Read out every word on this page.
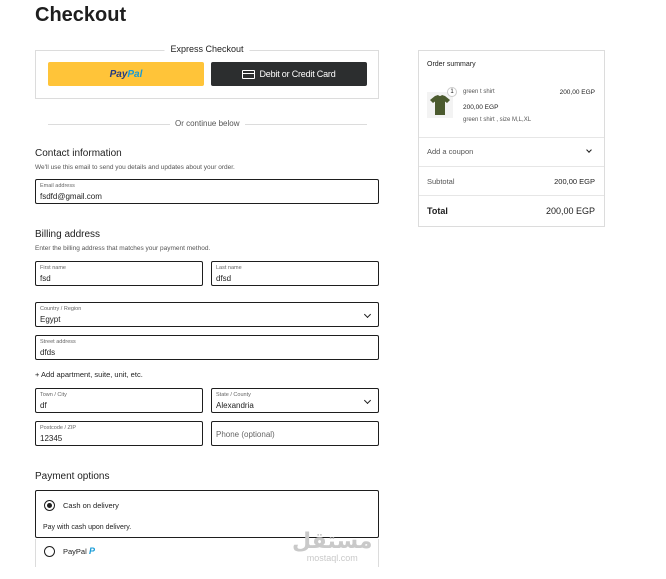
Checkout
Express Checkout
PayPal	Debit or Credit Card
Or continue below
Contact information
We'll use this email to send you details and updates about your order.
Email address
fsdfd@gmail.com
Billing address
Enter the billing address that matches your payment method.
First name
fsd
Last name
dfsd
Country / Region
Egypt
Street address
dfds
+ Add apartment, suite, unit, etc.
Town / City
df
State / County
Alexandria
Postcode / ZIP
12345	Phone (optional)
Payment options
Cash on delivery
Pay with cash upon delivery.
PayPal P
Order summary
1	green t shirt	200,00 EGP
200,00 EGP
green t shirt , size M,L,XL
Add a coupon
Subtotal	200,00 EGP
Total	200,00 EGP
مستقل
mostaql.com
